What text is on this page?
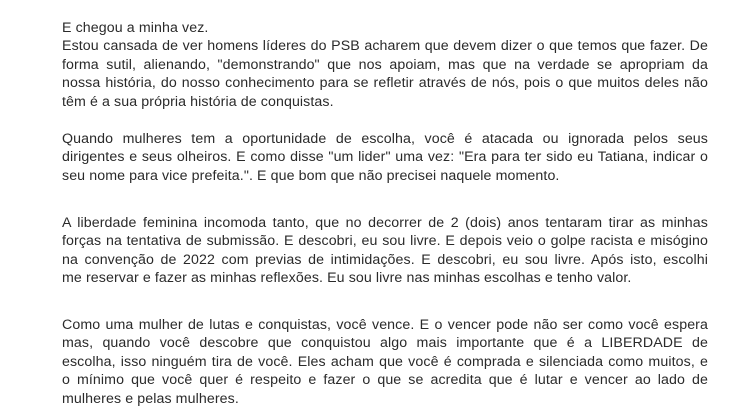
E chegou a minha vez.
Estou cansada de ver homens líderes do PSB acharem que devem dizer o que temos que fazer. De
forma sutil, alienando, "demonstrando" que nos apoiam, mas que na verdade se apropriam da
nossa história, do nosso conhecimento para se refletir através de nós, pois o que muitos deles não
têm é a sua própria história de conquistas.
Quando mulheres tem a oportunidade de escolha, você é atacada ou ignorada pelos seus
dirigentes e seus olheiros. E como disse "um lider" uma vez: "Era para ter sido eu Tatiana, indicar o
seu nome para vice prefeita.". E que bom que não precisei naquele momento.
A liberdade feminina incomoda tanto, que no decorrer de 2 (dois) anos tentaram tirar as minhas
forças na tentativa de submissão. E descobri, eu sou livre. E depois veio o golpe racista e misógino
na convenção de 2022 com previas de intimidações. E descobri, eu sou livre. Após isto, escolhi
me reservar e fazer as minhas reflexões. Eu sou livre nas minhas escolhas e tenho valor.
Como uma mulher de lutas e conquistas, você vence. E o vencer pode não ser como você espera
mas, quando você descobre que conquistou algo mais importante que é a LIBERDADE de
escolha, isso ninguém tira de você. Eles acham que você é comprada e silenciada como muitos, e
o mínimo que você quer é respeito e fazer o que se acredita que é lutar e vencer ao lado de
mulheres e pelas mulheres.
